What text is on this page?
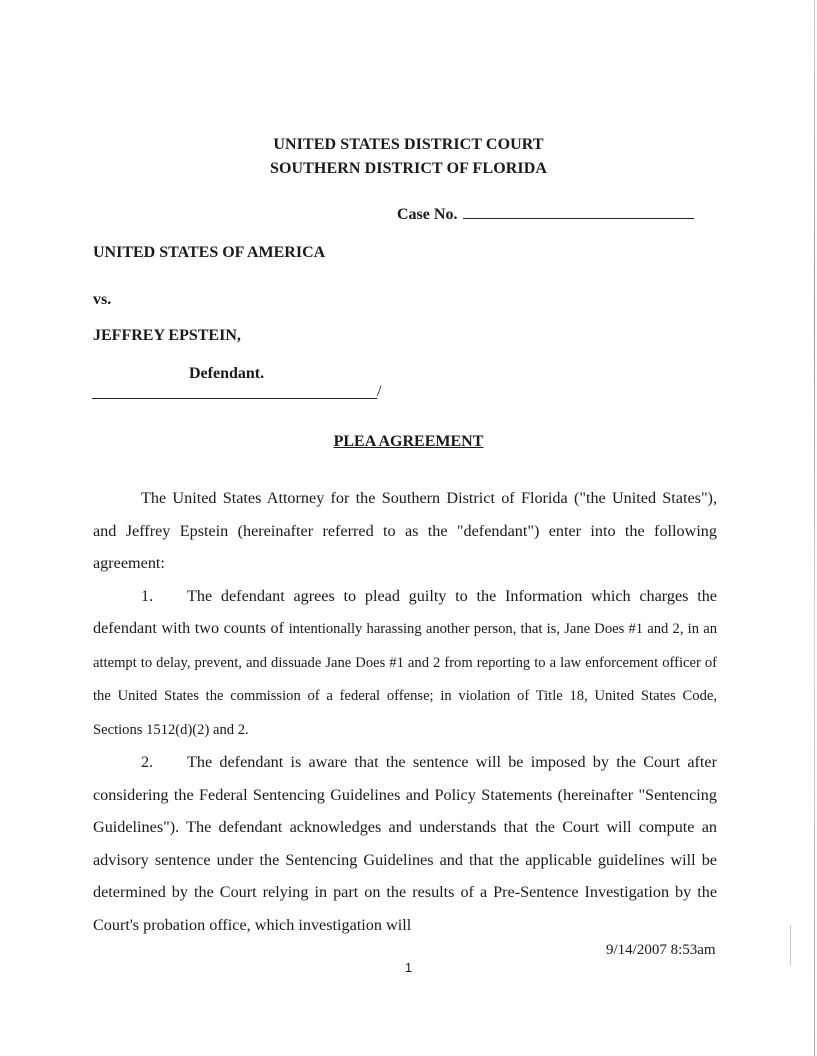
UNITED STATES DISTRICT COURT
SOUTHERN DISTRICT OF FLORIDA
Case No.
UNITED STATES OF AMERICA
vs.
JEFFREY EPSTEIN,
Defendant.
/
PLEA AGREEMENT

The United States Attorney for the Southern District of Florida ("the United States"), and Jeffrey Epstein (hereinafter referred to as the "defendant") enter into the following agreement:

1. The defendant agrees to plead guilty to the Information which charges the defendant with two counts of intentionally harassing another person, that is, Jane Does #1 and 2, in an attempt to delay, prevent, and dissuade Jane Does #1 and 2 from reporting to a law enforcement officer of the United States the commission of a federal offense; in violation of Title 18, United States Code, Sections 1512(d)(2) and 2.

2. The defendant is aware that the sentence will be imposed by the Court after considering the Federal Sentencing Guidelines and Policy Statements (hereinafter "Sentencing Guidelines"). The defendant acknowledges and understands that the Court will compute an advisory sentence under the Sentencing Guidelines and that the applicable guidelines will be determined by the Court relying in part on the results of a Pre-Sentence Investigation by the Court's probation office, which investigation will

9/14/2007 8:53am
1
